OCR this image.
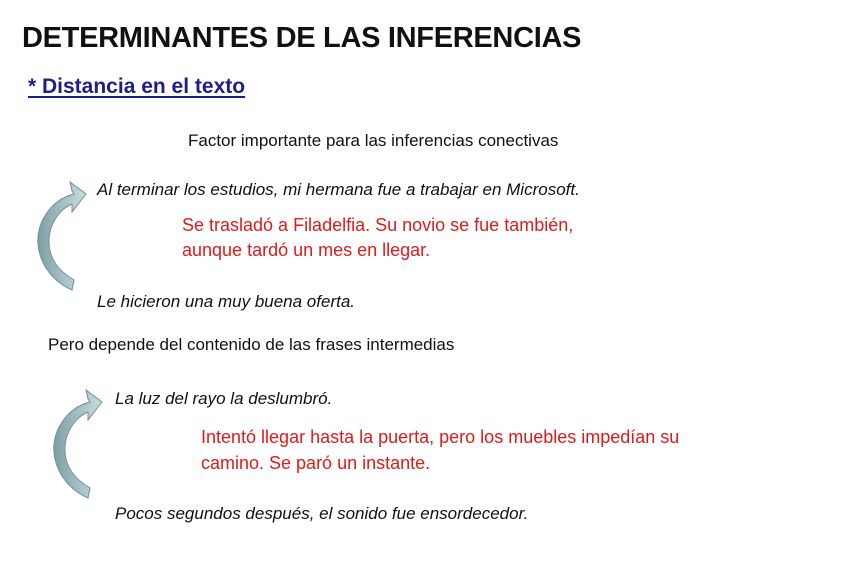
DETERMINANTES DE LAS INFERENCIAS
* Distancia en el texto
Factor importante para las inferencias conectivas
Al terminar los estudios, mi hermana fue a trabajar en Microsoft.
Se trasladó a Filadelfia. Su novio se fue también,
aunque tardó un mes en llegar.
Le hicieron una muy buena oferta.
Pero depende del contenido de las frases intermedias
La luz del rayo la deslumbró.
Intentó llegar hasta la puerta, pero los muebles impedían su
camino. Se paró un instante.
Pocos segundos después, el sonido fue ensordecedor.
